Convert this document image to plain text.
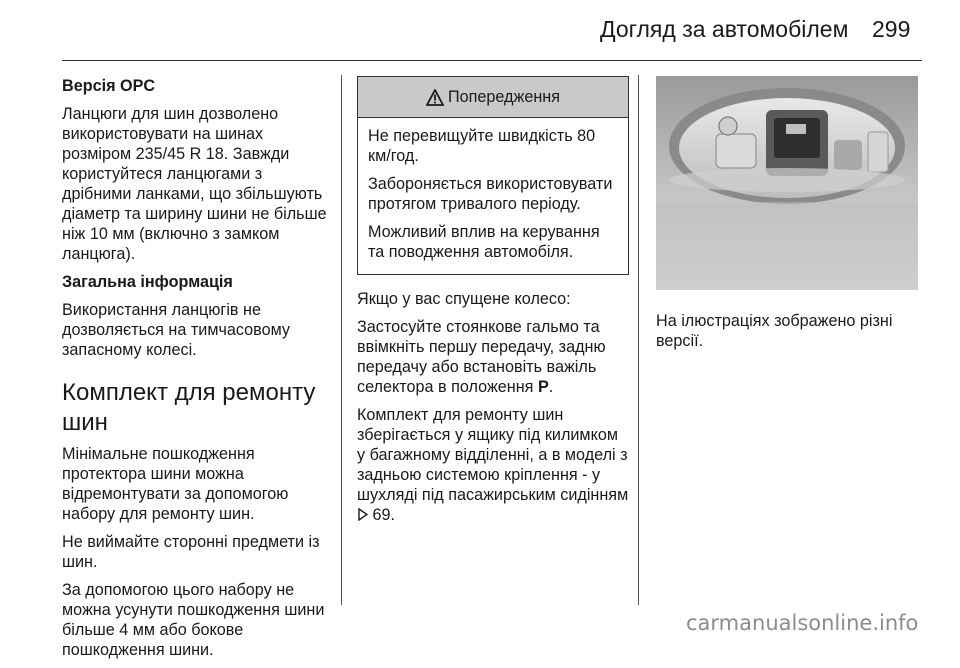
Догляд за автомобілем 299

Версія OPC

Ланцюги для шин дозволено використовувати на шинах розміром 235/45 R 18. Завжди користуйтеся ланцюгами з дрібними ланками, що збільшують діаметр та ширину шини не більше ніж 10 мм (включно з замком ланцюга).

Загальна інформація

Використання ланцюгів не дозволяється на тимчасовому запасному колесі.

Комплект для ремонту шин

Мінімальне пошкодження протектора шини можна відремонтувати за допомогою набору для ремонту шин.

Не виймайте сторонні предмети із шин.

За допомогою цього набору не можна усунути пошкодження шини більше 4 мм або бокове пошкодження шини.

Попередження

Не перевищуйте швидкість 80 км/год.

Забороняється використовувати протягом тривалого періоду.

Можливий вплив на керування та поводження автомобіля.

Якщо у вас спущене колесо:

Застосуйте стоянкове гальмо та ввімкніть першу передачу, задню передачу або встановіть важіль селектора в положення P.

Комплект для ремонту шин зберігається у ящику під килимком у багажному відділенні, а в моделі з задньою системою кріплення - у шухляді під пасажирським сидінням  69.

На ілюстраціях зображено різні версії.

carmanualsonline.info
